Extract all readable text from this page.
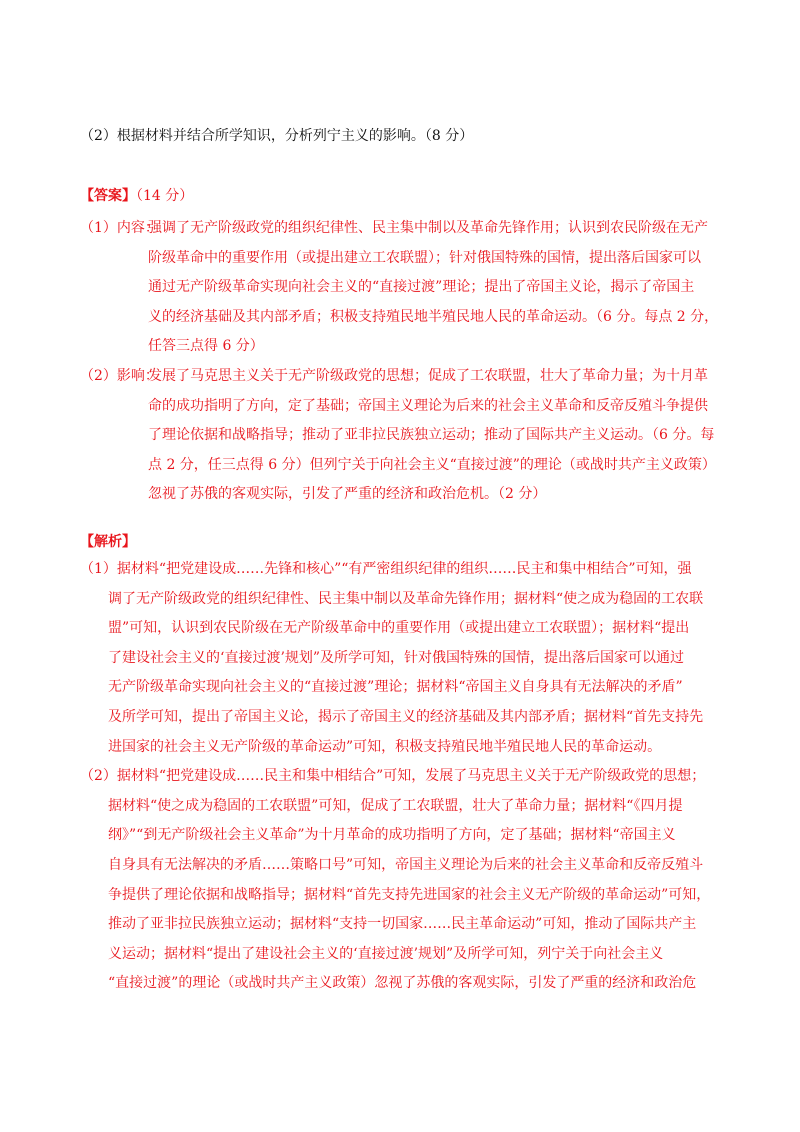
（2）根据材料并结合所学知识，分析列宁主义的影响。（8 分）
【答案】（14 分）
（1）内容：
强调了无产阶级政党的组织纪律性、民主集中制以及革命先锋作用；认识到农民阶级在无产
阶级革命中的重要作用（或提出建立工农联盟）；针对俄国特殊的国情，提出落后国家可以
通过无产阶级革命实现向社会主义的“直接过渡”理论；提出了帝国主义论，揭示了帝国主
义的经济基础及其内部矛盾；积极支持殖民地半殖民地人民的革命运动。（6 分。每点 2 分，
任答三点得 6 分）
（2）影响：
发展了马克思主义关于无产阶级政党的思想；促成了工农联盟，壮大了革命力量；为十月革
命的成功指明了方向，定了基础；帝国主义理论为后来的社会主义革命和反帝反殖斗争提供
了理论依据和战略指导；推动了亚非拉民族独立运动；推动了国际共产主义运动。（6 分。每
点 2 分，任三点得 6 分）但列宁关于向社会主义“直接过渡”的理论（或战时共产主义政策）
忽视了苏俄的客观实际，引发了严重的经济和政治危机。（2 分）
【解析】
（1）据材料“把党建设成……先锋和核心”“有严密组织纪律的组织……民主和集中相结合”可知，强
调了无产阶级政党的组织纪律性、民主集中制以及革命先锋作用；据材料“使之成为稳固的工农联
盟”可知，认识到农民阶级在无产阶级革命中的重要作用（或提出建立工农联盟）；据材料“提出
了建设社会主义的‘直接过渡’规划”及所学可知，针对俄国特殊的国情，提出落后国家可以通过
无产阶级革命实现向社会主义的“直接过渡”理论；据材料“帝国主义自身具有无法解决的矛盾”
及所学可知，提出了帝国主义论，揭示了帝国主义的经济基础及其内部矛盾；据材料“首先支持先
进国家的社会主义无产阶级的革命运动”可知，积极支持殖民地半殖民地人民的革命运动。
（2）据材料“把党建设成……民主和集中相结合”可知，发展了马克思主义关于无产阶级政党的思想；
据材料“使之成为稳固的工农联盟”可知，促成了工农联盟，壮大了革命力量；据材料“《四月提
纲》”“到无产阶级社会主义革命”为十月革命的成功指明了方向，定了基础；据材料“帝国主义
自身具有无法解决的矛盾……策略口号”可知，帝国主义理论为后来的社会主义革命和反帝反殖斗
争提供了理论依据和战略指导；据材料“首先支持先进国家的社会主义无产阶级的革命运动”可知，
推动了亚非拉民族独立运动；据材料“支持一切国家……民主革命运动”可知，推动了国际共产主
义运动；据材料“提出了建设社会主义的‘直接过渡’规划”及所学可知，列宁关于向社会主义
“直接过渡”的理论（或战时共产主义政策）忽视了苏俄的客观实际，引发了严重的经济和政治危
